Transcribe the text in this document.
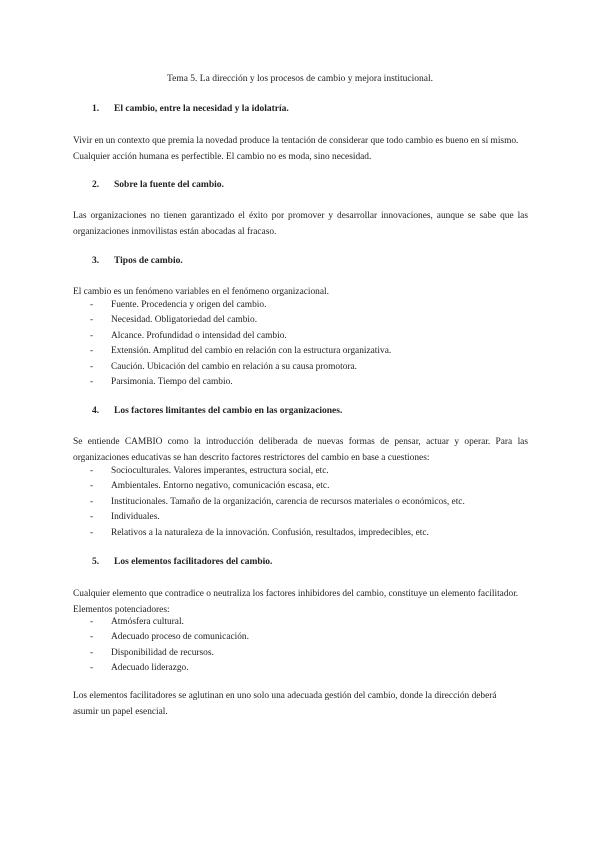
Tema 5. La dirección y los procesos de cambio y mejora institucional.
1. El cambio, entre la necesidad y la idolatría.
Vivir en un contexto que premia la novedad produce la tentación de considerar que todo cambio es bueno en sí mismo. Cualquier acción humana es perfectible. El cambio no es moda, sino necesidad.
2. Sobre la fuente del cambio.
Las organizaciones no tienen garantizado el éxito por promover y desarrollar innovaciones, aunque se sabe que las organizaciones inmovilistas están abocadas al fracaso.
3. Tipos de cambio.
El cambio es un fenómeno variables en el fenómeno organizacional.
- Fuente. Procedencia y origen del cambio.
- Necesidad. Obligatoriedad del cambio.
- Alcance. Profundidad o intensidad del cambio.
- Extensión. Amplitud del cambio en relación con la estructura organizativa.
- Caución. Ubicación del cambio en relación a su causa promotora.
- Parsimonia. Tiempo del cambio.
4. Los factores limitantes del cambio en las organizaciones.
Se entiende CAMBIO como la introducción deliberada de nuevas formas de pensar, actuar y operar. Para las organizaciones educativas se han descrito factores restrictores del cambio en base a cuestiones:
- Socioculturales. Valores imperantes, estructura social, etc.
- Ambientales. Entorno negativo, comunicación escasa, etc.
- Institucionales. Tamaño de la organización, carencia de recursos materiales o económicos, etc.
- Individuales.
- Relativos a la naturaleza de la innovación. Confusión, resultados, impredecibles, etc.
5. Los elementos facilitadores del cambio.

Cualquier elemento que contradice o neutraliza los factores inhibidores del cambio, constituye un elemento facilitador.

Elementos potenciadores:

- Atmósfera cultural.
- Adecuado proceso de comunicación.
- Disponibilidad de recursos.
- Adecuado liderazgo.
Los elementos facilitadores se aglutinan en uno solo una adecuada gestión del cambio, donde la dirección deberá asumir un papel esencial.
